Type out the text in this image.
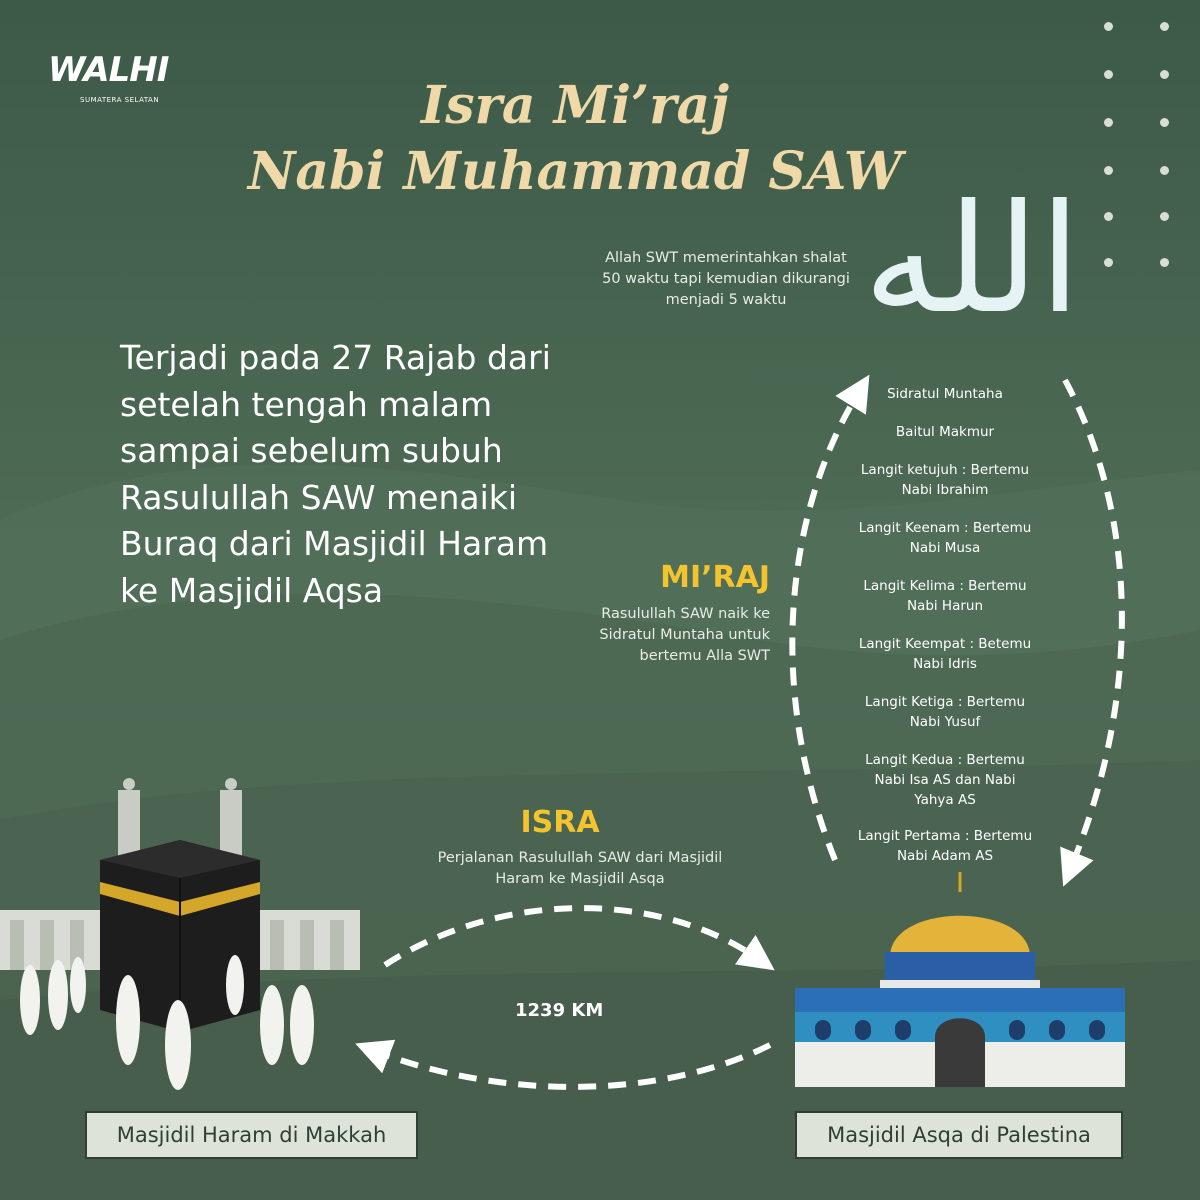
WALHI
SUMATERA SELATAN	Isra Mi’raj
Nabi Muhammad SAW
الله
Allah SWT memerintahkan shalat 50 waktu tapi kemudian dikurangi menjadi 5 waktu
Terjadi pada 27 Rajab dari setelah tengah malam sampai sebelum subuh Rasulullah SAW menaiki Buraq dari Masjidil Haram ke Masjidil Aqsa	MI’RAJ
Rasulullah SAW naik ke Sidratul Muntaha untuk bertemu Alla SWT
ISRA
Perjalanan Rasulullah SAW dari Masjidil Haram ke Masjidil Asqa
1239 KM
Sidratul Muntaha
Baitul Makmur
Langit ketujuh : Bertemu Nabi Ibrahim
Langit Keenam : Bertemu Nabi Musa
Langit Kelima : Bertemu Nabi Harun
Langit Keempat : Betemu Nabi Idris
Langit Ketiga : Bertemu Nabi Yusuf
Langit Kedua : Bertemu Nabi Isa AS dan Nabi Yahya AS
Langit Pertama : Bertemu Nabi Adam AS
Masjidil Haram di Makkah	Masjidil Asqa di Palestina
